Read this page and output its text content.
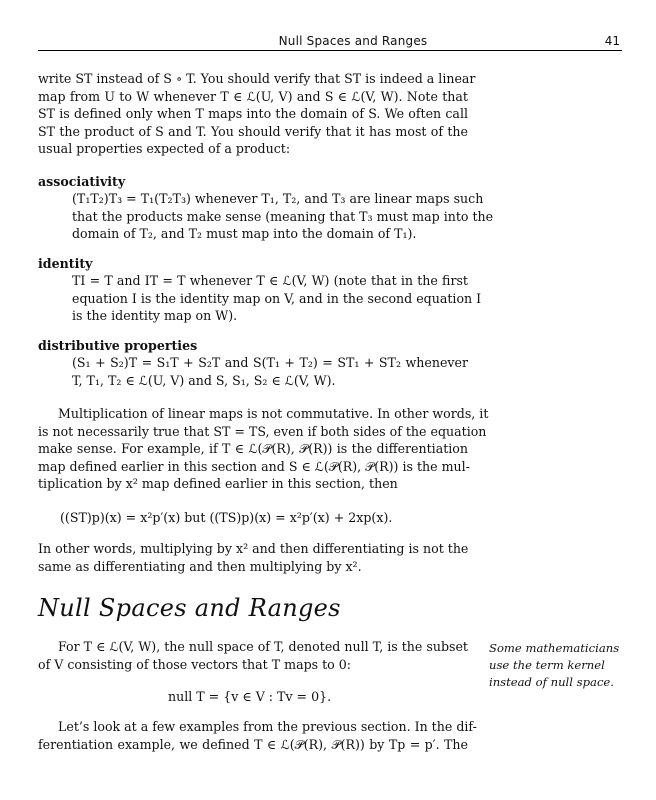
Null Spaces and Ranges	41
write ST instead of S ∘ T. You should verify that ST is indeed a linear
map from U to W whenever T ∈ ℒ(U, V) and S ∈ ℒ(V, W). Note that
ST is defined only when T maps into the domain of S. We often call
ST the product of S and T. You should verify that it has most of the
usual properties expected of a product:
associativity
(T₁T₂)T₃ = T₁(T₂T₃) whenever T₁, T₂, and T₃ are linear maps such
that the products make sense (meaning that T₃ must map into the
domain of T₂, and T₂ must map into the domain of T₁).
identity
TI = T and IT = T whenever T ∈ ℒ(V, W) (note that in the first
equation I is the identity map on V, and in the second equation I
is the identity map on W).
distributive properties
(S₁ + S₂)T = S₁T + S₂T and S(T₁ + T₂) = ST₁ + ST₂ whenever
T, T₁, T₂ ∈ ℒ(U, V) and S, S₁, S₂ ∈ ℒ(V, W).
Multiplication of linear maps is not commutative. In other words, it
is not necessarily true that ST = TS, even if both sides of the equation
make sense. For example, if T ∈ ℒ(𝒫(R), 𝒫(R)) is the differentiation
map defined earlier in this section and S ∈ ℒ(𝒫(R), 𝒫(R)) is the mul-
tiplication by x² map defined earlier in this section, then
((ST)p)(x) = x²p′(x) but ((TS)p)(x) = x²p′(x) + 2xp(x).
In other words, multiplying by x² and then differentiating is not the
same as differentiating and then multiplying by x².
Null Spaces and Ranges
For T ∈ ℒ(V, W), the null space of T, denoted null T, is the subset
of V consisting of those vectors that T maps to 0:
null T = {v ∈ V : Tv = 0}.
Let’s look at a few examples from the previous section. In the dif-
ferentiation example, we defined T ∈ ℒ(𝒫(R), 𝒫(R)) by Tp = p′. The
Some mathematicians
use the term kernel
instead of null space.
